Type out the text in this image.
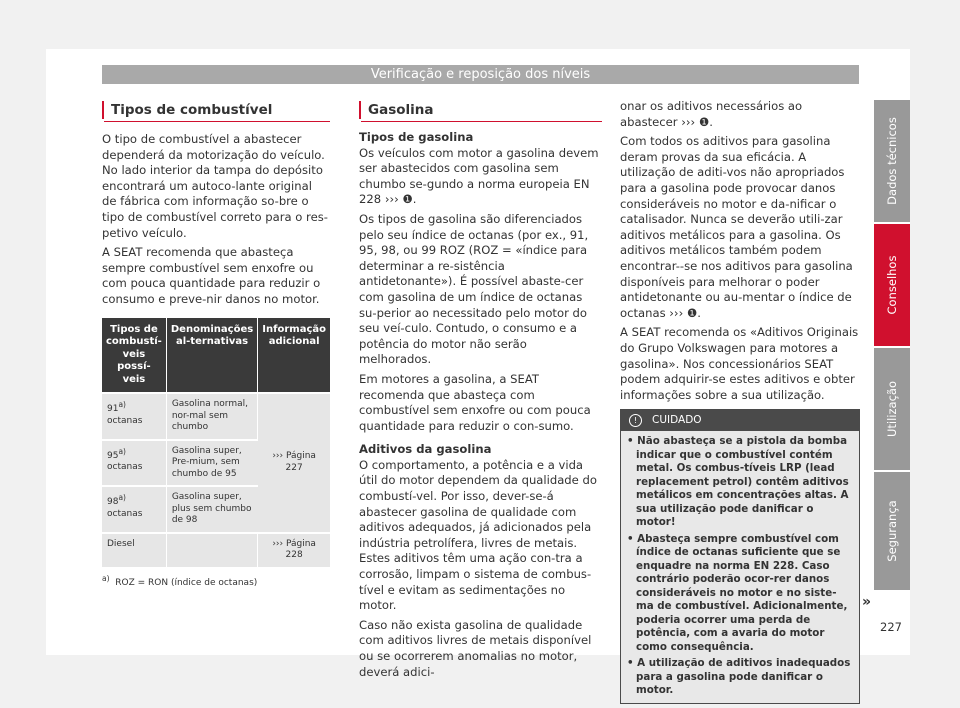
Verificação e reposição dos níveis
Tipos de combustível

O tipo de combustível a abastecer dependerá da motorização do veículo. No lado interior da tampa do depósito encontrará um autoco-lante original de fábrica com informação so-bre o tipo de combustível correto para o res-petivo veículo.

A SEAT recomenda que abasteça sempre combustível sem enxofre ou com pouca quantidade para reduzir o consumo e preve-nir danos no motor.

Tipos de combustí-veis possí-veis	Denominações al-ternativas	Informação adicional
91$^{a)}$ octanas	Gasolina normal, nor-mal sem chumbo	››› Página 227
95$^{a)}$ octanas	Gasolina super, Pre-mium, sem chumbo de 95	
98$^{a)}$ octanas	Gasolina super, plus sem chumbo de 98	
Diesel		››› Página 228
$^{a)}$ ROZ = RON (índice de octanas)
Gasolina
Tipos de gasolina

Os veículos com motor a gasolina devem ser abastecidos com gasolina sem chumbo se-gundo a norma europeia EN 228 ››› ❶.

Os tipos de gasolina são diferenciados pelo seu índice de octanas (por ex., 91, 95, 98, ou 99 ROZ (ROZ = «índice para determinar a re-sistência antidetonante»). É possível abaste-cer com gasolina de um índice de octanas su-perior ao necessitado pelo motor do seu veí-culo. Contudo, o consumo e a potência do motor não serão melhorados.

Em motores a gasolina, a SEAT recomenda que abasteça com combustível sem enxofre ou com pouca quantidade para reduzir o con-sumo.

Aditivos da gasolina

O comportamento, a potência e a vida útil do motor dependem da qualidade do combustí-vel. Por isso, dever-se-á abastecer gasolina de qualidade com aditivos adequados, já adicionados pela indústria petrolífera, livres de metais. Estes aditivos têm uma ação con-tra a corrosão, limpam o sistema de combus-tível e evitam as sedimentações no motor.

Caso não exista gasolina de qualidade com aditivos livres de metais disponível ou se ocorrerem anomalias no motor, deverá adici-

onar os aditivos necessários ao abastecer ››› ❶.

Com todos os aditivos para gasolina deram provas da sua eficácia. A utilização de aditi-vos não apropriados para a gasolina pode provocar danos consideráveis no motor e da-nificar o catalisador. Nunca se deverão utili-zar aditivos metálicos para a gasolina. Os aditivos metálicos também podem encontrar--se nos aditivos para gasolina disponíveis para melhorar o poder antidetonante ou au-mentar o índice de octanas ››› ❶.

A SEAT recomenda os «Aditivos Originais do Grupo Volkswagen para motores a gasolina». Nos concessionários SEAT podem adquirir-se estes aditivos e obter informações sobre a sua utilização.

! CUIDADO
• Não abasteça se a pistola da bomba indicar que o combustível contém metal. Os combus-tíveis LRP (lead replacement petrol) contêm aditivos metálicos em concentrações altas. A sua utilização pode danificar o motor!
• Abasteça sempre combustível com índice de octanas suficiente que se enquadre na norma EN 228. Caso contrário poderão ocor-rer danos consideráveis no motor e no siste-ma de combustível. Adicionalmente, poderia ocorrer uma perda de potência, com a avaria do motor como consequência.
• A utilização de aditivos inadequados para a gasolina pode danificar o motor.
»
Dados técnicos
Conselhos
Utilização
Segurança
227
